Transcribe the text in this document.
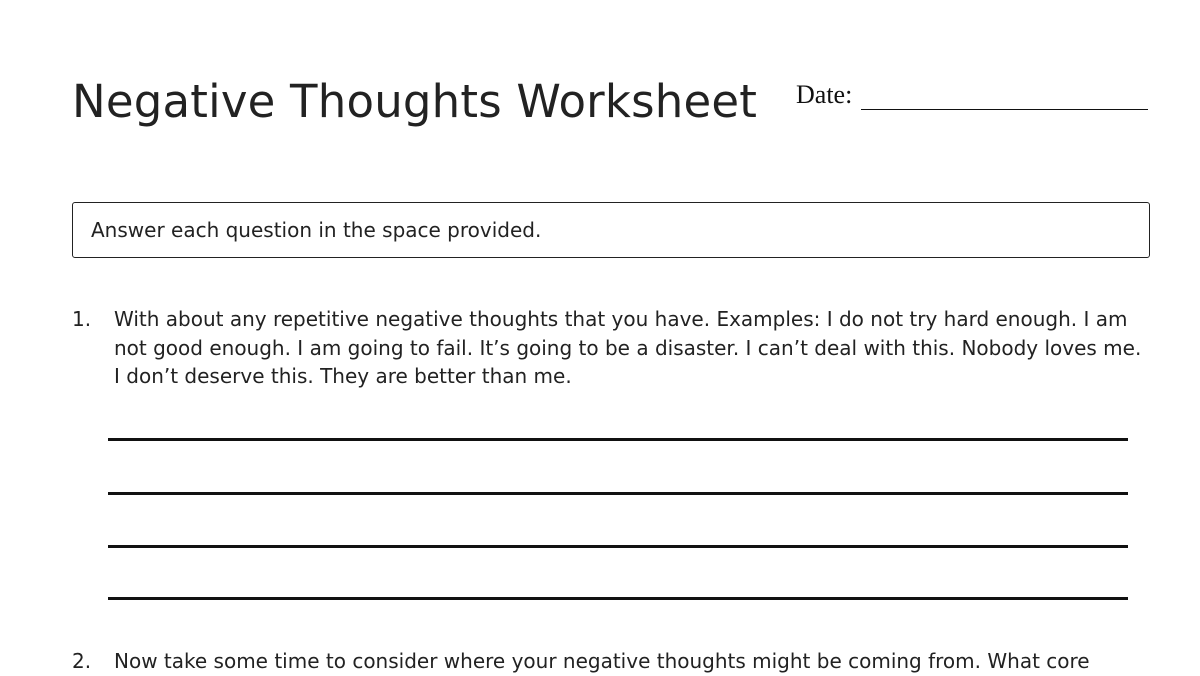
Negative Thoughts Worksheet Date:
Answer each question in the space provided.
1.	With about any repetitive negative thoughts that you have. Examples: I do not try hard enough. I am not good enough. I am going to fail. It’s going to be a disaster. I can’t deal with this. Nobody loves me. I don’t deserve this. They are better than me.
2.	Now take some time to consider where your negative thoughts might be coming from. What core
